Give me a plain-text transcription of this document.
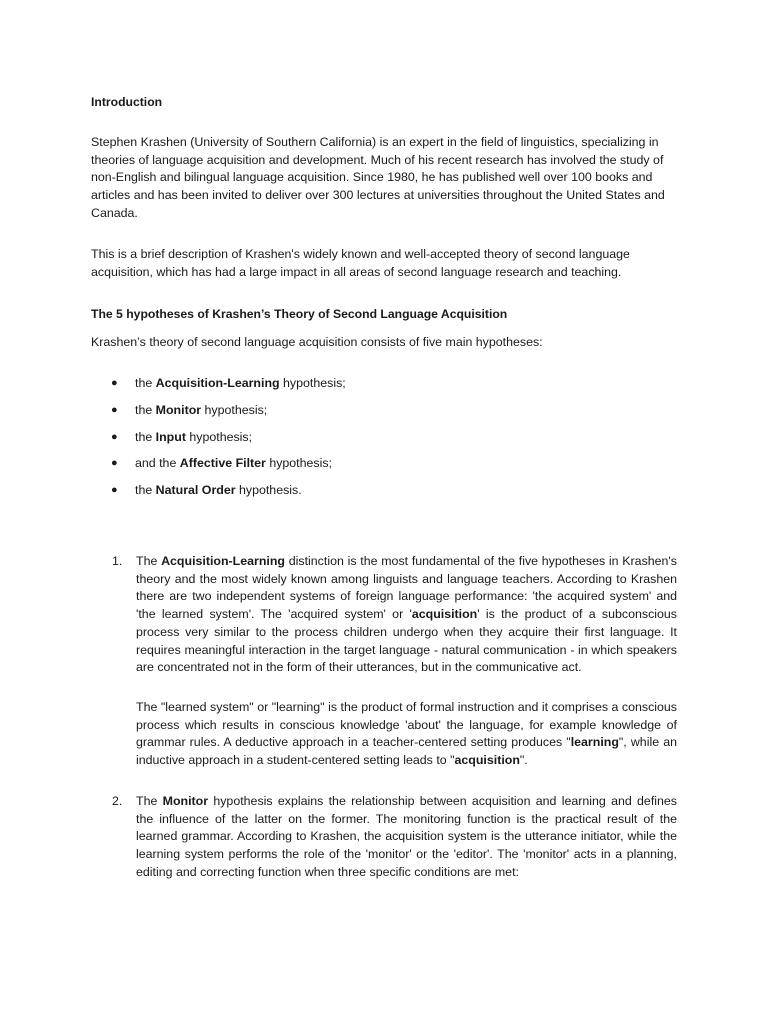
Introduction

Stephen Krashen (University of Southern California) is an expert in the field of linguistics, specializing in theories of language acquisition and development. Much of his recent research has involved the study of non-English and bilingual language acquisition. Since 1980, he has published well over 100 books and articles and has been invited to deliver over 300 lectures at universities throughout the United States and Canada.

This is a brief description of Krashen's widely known and well-accepted theory of second language acquisition, which has had a large impact in all areas of second language research and teaching.

The 5 hypotheses of Krashen’s Theory of Second Language Acquisition

Krashen’s theory of second language acquisition consists of five main hypotheses:

● the Acquisition-Learning hypothesis;
● the Monitor hypothesis;
● the Input hypothesis;
● and the Affective Filter hypothesis;
● the Natural Order hypothesis.
1. The Acquisition-Learning distinction is the most fundamental of the five hypotheses in Krashen's theory and the most widely known among linguists and language teachers. According to Krashen there are two independent systems of foreign language performance: 'the acquired system' and 'the learned system'. The 'acquired system' or 'acquisition' is the product of a subconscious process very similar to the process children undergo when they acquire their first language. It requires meaningful interaction in the target language - natural communication - in which speakers are concentrated not in the form of their utterances, but in the communicative act.

The "learned system" or "learning" is the product of formal instruction and it comprises a conscious process which results in conscious knowledge 'about' the language, for example knowledge of grammar rules. A deductive approach in a teacher-centered setting produces "learning", while an inductive approach in a student-centered setting leads to "acquisition".

2. The Monitor hypothesis explains the relationship between acquisition and learning and defines the influence of the latter on the former. The monitoring function is the practical result of the learned grammar. According to Krashen, the acquisition system is the utterance initiator, while the learning system performs the role of the 'monitor' or the 'editor'. The 'monitor' acts in a planning, editing and correcting function when three specific conditions are met:
